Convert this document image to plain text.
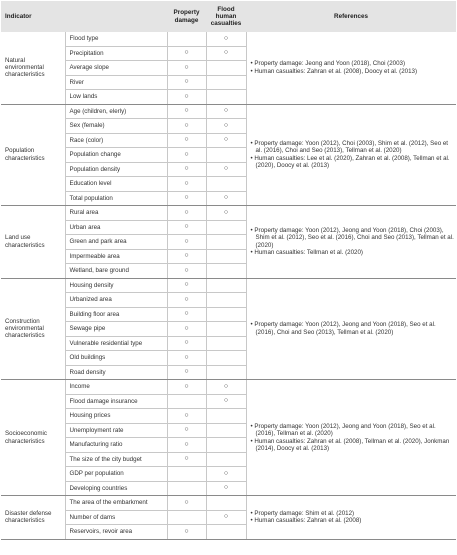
Indicator		Property damage	Flood human casualties	References
Natural environmental characteristics	Flood type		○	• Property damage: Jeong and Yoon (2018), Choi (2003)
• Human casualties: Zahran et al. (2008), Doocy et al. (2013)

	Precipitation	○	○	
	Average slope	○		
	River	○		
	Low lands	○		
Population characteristics	Age (children, elerly)	○	○	• Property damage: Yoon (2012), Choi (2003), Shim et al. (2012), Seo et al. (2016), Choi and Seo (2013), Tellman et al. (2020)
• Human casualties: Lee et al. (2020), Zahran et al. (2008), Tellman et al. (2020), Doocy et al. (2013)

	Sex (female)	○	○	
	Race (color)	○	○	
	Population change	○		
	Population density	○	○	
	Education level	○		
	Total population	○	○	
Land use characteristics	Rural area	○	○	• Property damage: Yoon (2012), Jeong and Yoon (2018), Choi (2003), Shim et al. (2012), Seo et al. (2016), Choi and Seo (2013), Tellman et al. (2020)
• Human casualties: Tellman et al. (2020)

	Urban area	○		
	Green and park area	○		
	Impermeable area	○		
	Wetland, bare ground	○		
Construction environmental characteristics	Housing density	○		• Property damage: Yoon (2012), Jeong and Yoon (2018), Seo et al. (2016), Choi and Seo (2013), Tellman et al. (2020)

	Urbanized area	○		
	Building floor area	○		
	Sewage pipe	○		
	Vulnerable residential type	○		
	Old buildings	○		
	Road density	○		
Socioeconomic characteristics	Income	○	○	• Property damage: Yoon (2012), Jeong and Yoon (2018), Seo et al. (2016), Tellman et al. (2020)
• Human casualties: Zahran et al. (2008), Tellman et al. (2020), Jonkman (2014), Doocy et al. (2013)

	Flood damage insurance		○	
	Housing prices	○		
	Unemployment rate	○		
	Manufacturing ratio	○		
	The size of the city budget	○		
	GDP per population		○	
	Developing countries		○	
Disaster defense characteristics	The area of the embarkment	○		• Property damage: Shim et al. (2012)
• Human casualties: Zahran et al. (2008)

	Number of dams		○	
	Reservoirs, revoir area	○		
